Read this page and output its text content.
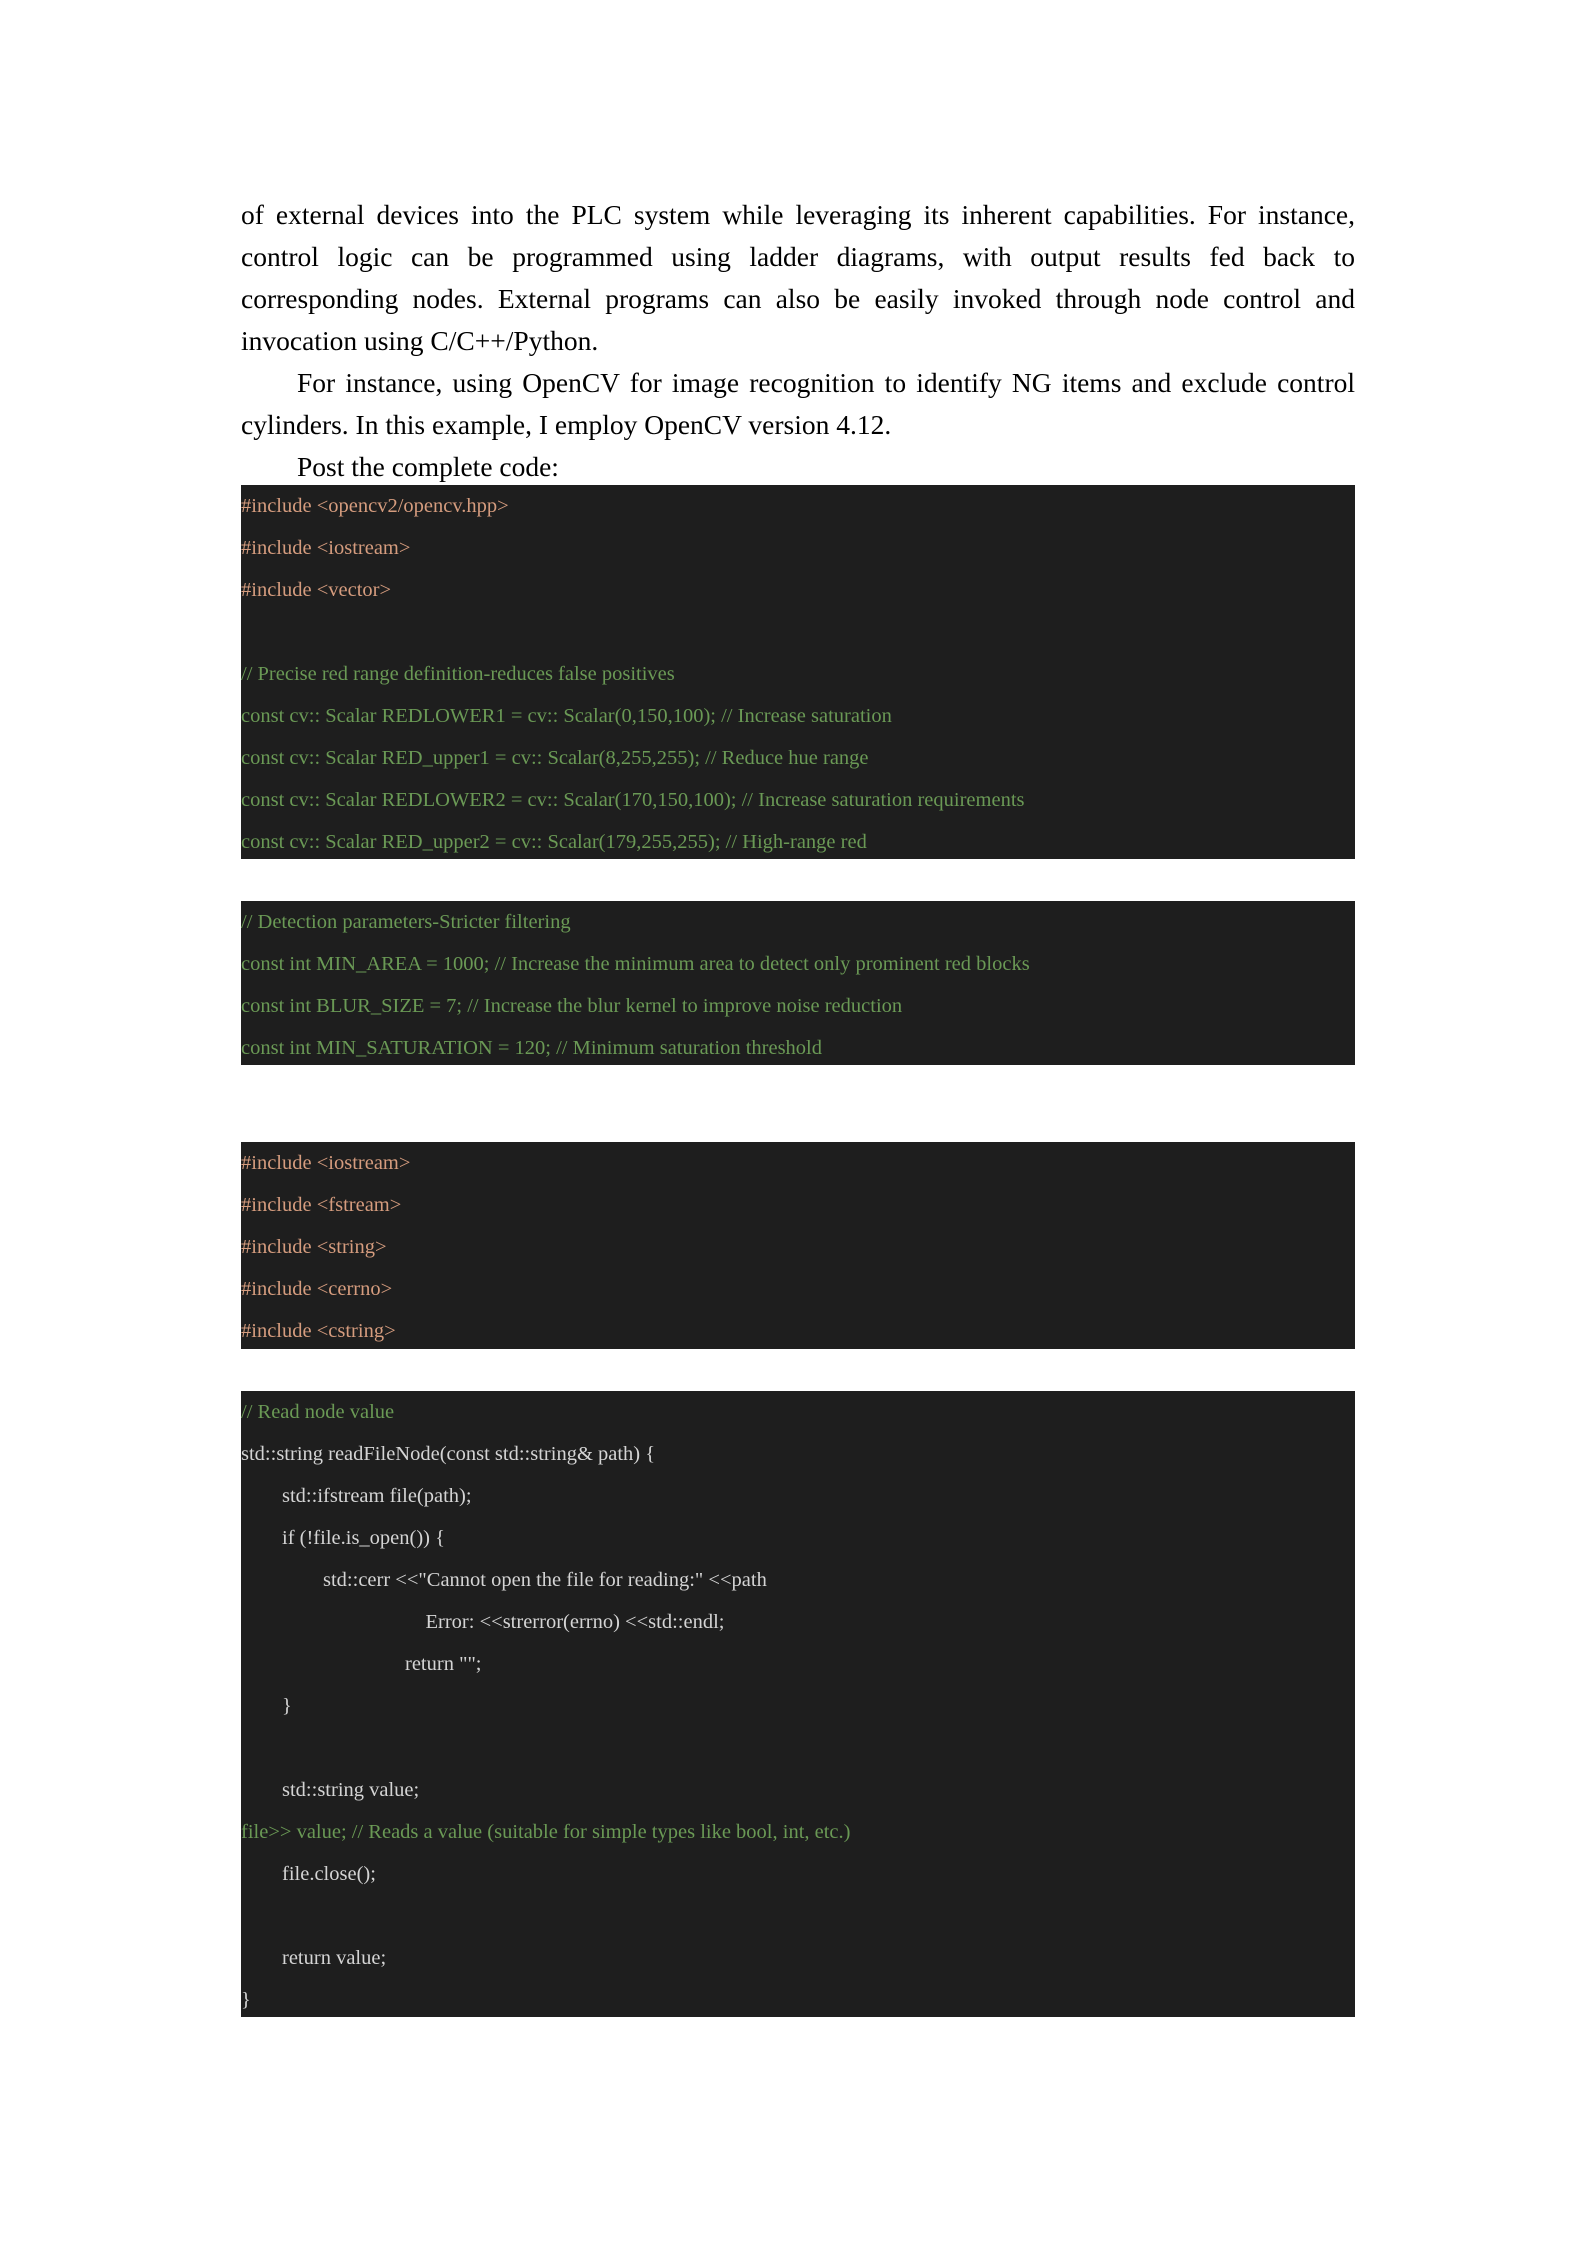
of external devices into the PLC system while leveraging its inherent capabilities. For instance, control logic can be programmed using ladder diagrams, with output results fed back to corresponding nodes. External programs can also be easily invoked through node control and invocation using C/C++/Python.

For instance, using OpenCV for image recognition to identify NG items and exclude control cylinders. In this example, I employ OpenCV version 4.12.

Post the complete code:

#include <opencv2/opencv.hpp>
#include <iostream>
#include <vector>
// Precise red range definition-reduces false positives
const cv:: Scalar REDLOWER1 = cv:: Scalar(0,150,100); // Increase saturation
const cv:: Scalar RED_upper1 = cv:: Scalar(8,255,255); // Reduce hue range
const cv:: Scalar REDLOWER2 = cv:: Scalar(170,150,100); // Increase saturation requirements
const cv:: Scalar RED_upper2 = cv:: Scalar(179,255,255); // High-range red
// Detection parameters-Stricter filtering
const int MIN_AREA = 1000; // Increase the minimum area to detect only prominent red blocks
const int BLUR_SIZE = 7; // Increase the blur kernel to improve noise reduction
const int MIN_SATURATION = 120; // Minimum saturation threshold
#include <iostream>
#include <fstream>
#include <string>
#include <cerrno>
#include <cstring>
// Read node value
std::string readFileNode(const std::string& path) {
std::ifstream file(path);
if (!file.is_open()) {
std::cerr <<"Cannot open the file for reading:" <<path
Error: <<strerror(errno) <<std::endl;
return "";
}
std::string value;
file>> value; // Reads a value (suitable for simple types like bool, int, etc.)
file.close();
return value;
}
